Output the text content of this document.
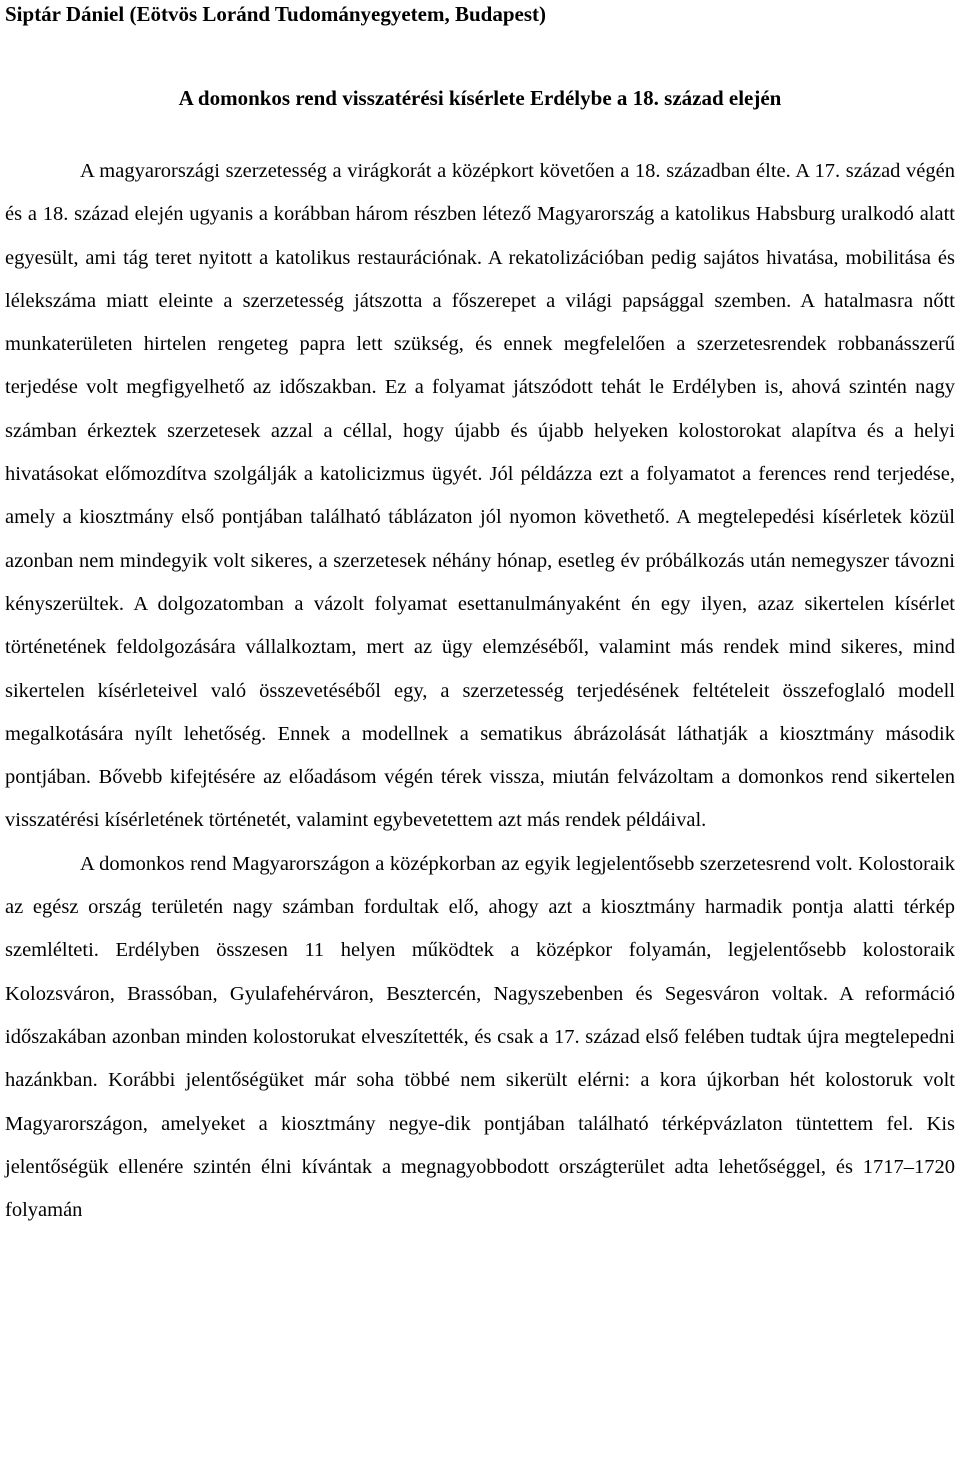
Siptár Dániel (Eötvös Loránd Tudományegyetem, Budapest)

A domonkos rend visszatérési kísérlete Erdélybe a 18. század elején

A magyarországi szerzetesség a virágkorát a középkort követően a 18. században élte. A 17. század végén és a 18. század elején ugyanis a korábban három részben létező Magyarország a katolikus Habsburg uralkodó alatt egyesült, ami tág teret nyitott a katolikus restaurációnak. A rekatolizációban pedig sajátos hivatása, mobilitása és lélekszáma miatt eleinte a szerzetesség játszotta a főszerepet a világi papsággal szemben. A hatalmasra nőtt munkaterületen hirtelen rengeteg papra lett szükség, és ennek megfelelően a szerzetesrendek robbanásszerű terjedése volt megfigyelhető az időszakban. Ez a folyamat játszódott tehát le Erdélyben is, ahová szintén nagy számban érkeztek szerzetesek azzal a céllal, hogy újabb és újabb helyeken kolostorokat alapítva és a helyi hivatásokat előmozdítva szolgálják a katolicizmus ügyét. Jól példázza ezt a folyamatot a ferences rend terjedése, amely a kiosztmány első pontjában található táblázaton jól nyomon követhető. A megtelepedési kísérletek közül azonban nem mindegyik volt sikeres, a szerzetesek néhány hónap, esetleg év próbálkozás után nemegyszer távozni kényszerültek. A dolgozatomban a vázolt folyamat esettanulmányaként én egy ilyen, azaz sikertelen kísérlet történetének feldolgozására vállalkoztam, mert az ügy elemzéséből, valamint más rendek mind sikeres, mind sikertelen kísérleteivel való összevetéséből egy, a szerzetesség terjedésének feltételeit összefoglaló modell megalkotására nyílt lehetőség. Ennek a modellnek a sematikus ábrázolását láthatják a kiosztmány második pontjában. Bővebb kifejtésére az előadásom végén térek vissza, miután felvázoltam a domonkos rend sikertelen visszatérési kísérletének történetét, valamint egybevetettem azt más rendek példáival.

A domonkos rend Magyarországon a középkorban az egyik legjelentősebb szerzetesrend volt. Kolostoraik az egész ország területén nagy számban fordultak elő, ahogy azt a kiosztmány harmadik pontja alatti térkép szemlélteti. Erdélyben összesen 11 helyen működtek a középkor folyamán, legjelentősebb kolostoraik Kolozsváron, Brassóban, Gyulafehérváron, Besztercén, Nagyszebenben és Segesváron voltak. A reformáció időszakában azonban minden kolostorukat elveszítették, és csak a 17. század első felében tudtak újra megtelepedni hazánkban. Korábbi jelentőségüket már soha többé nem sikerült elérni: a kora újkorban hét kolostoruk volt Magyarországon, amelyeket a kiosztmány negye-dik pontjában található térképvázlaton tüntettem fel. Kis jelentőségük ellenére szintén élni kívántak a megnagyobbodott országterület adta lehetőséggel, és 1717–1720 folyamán
